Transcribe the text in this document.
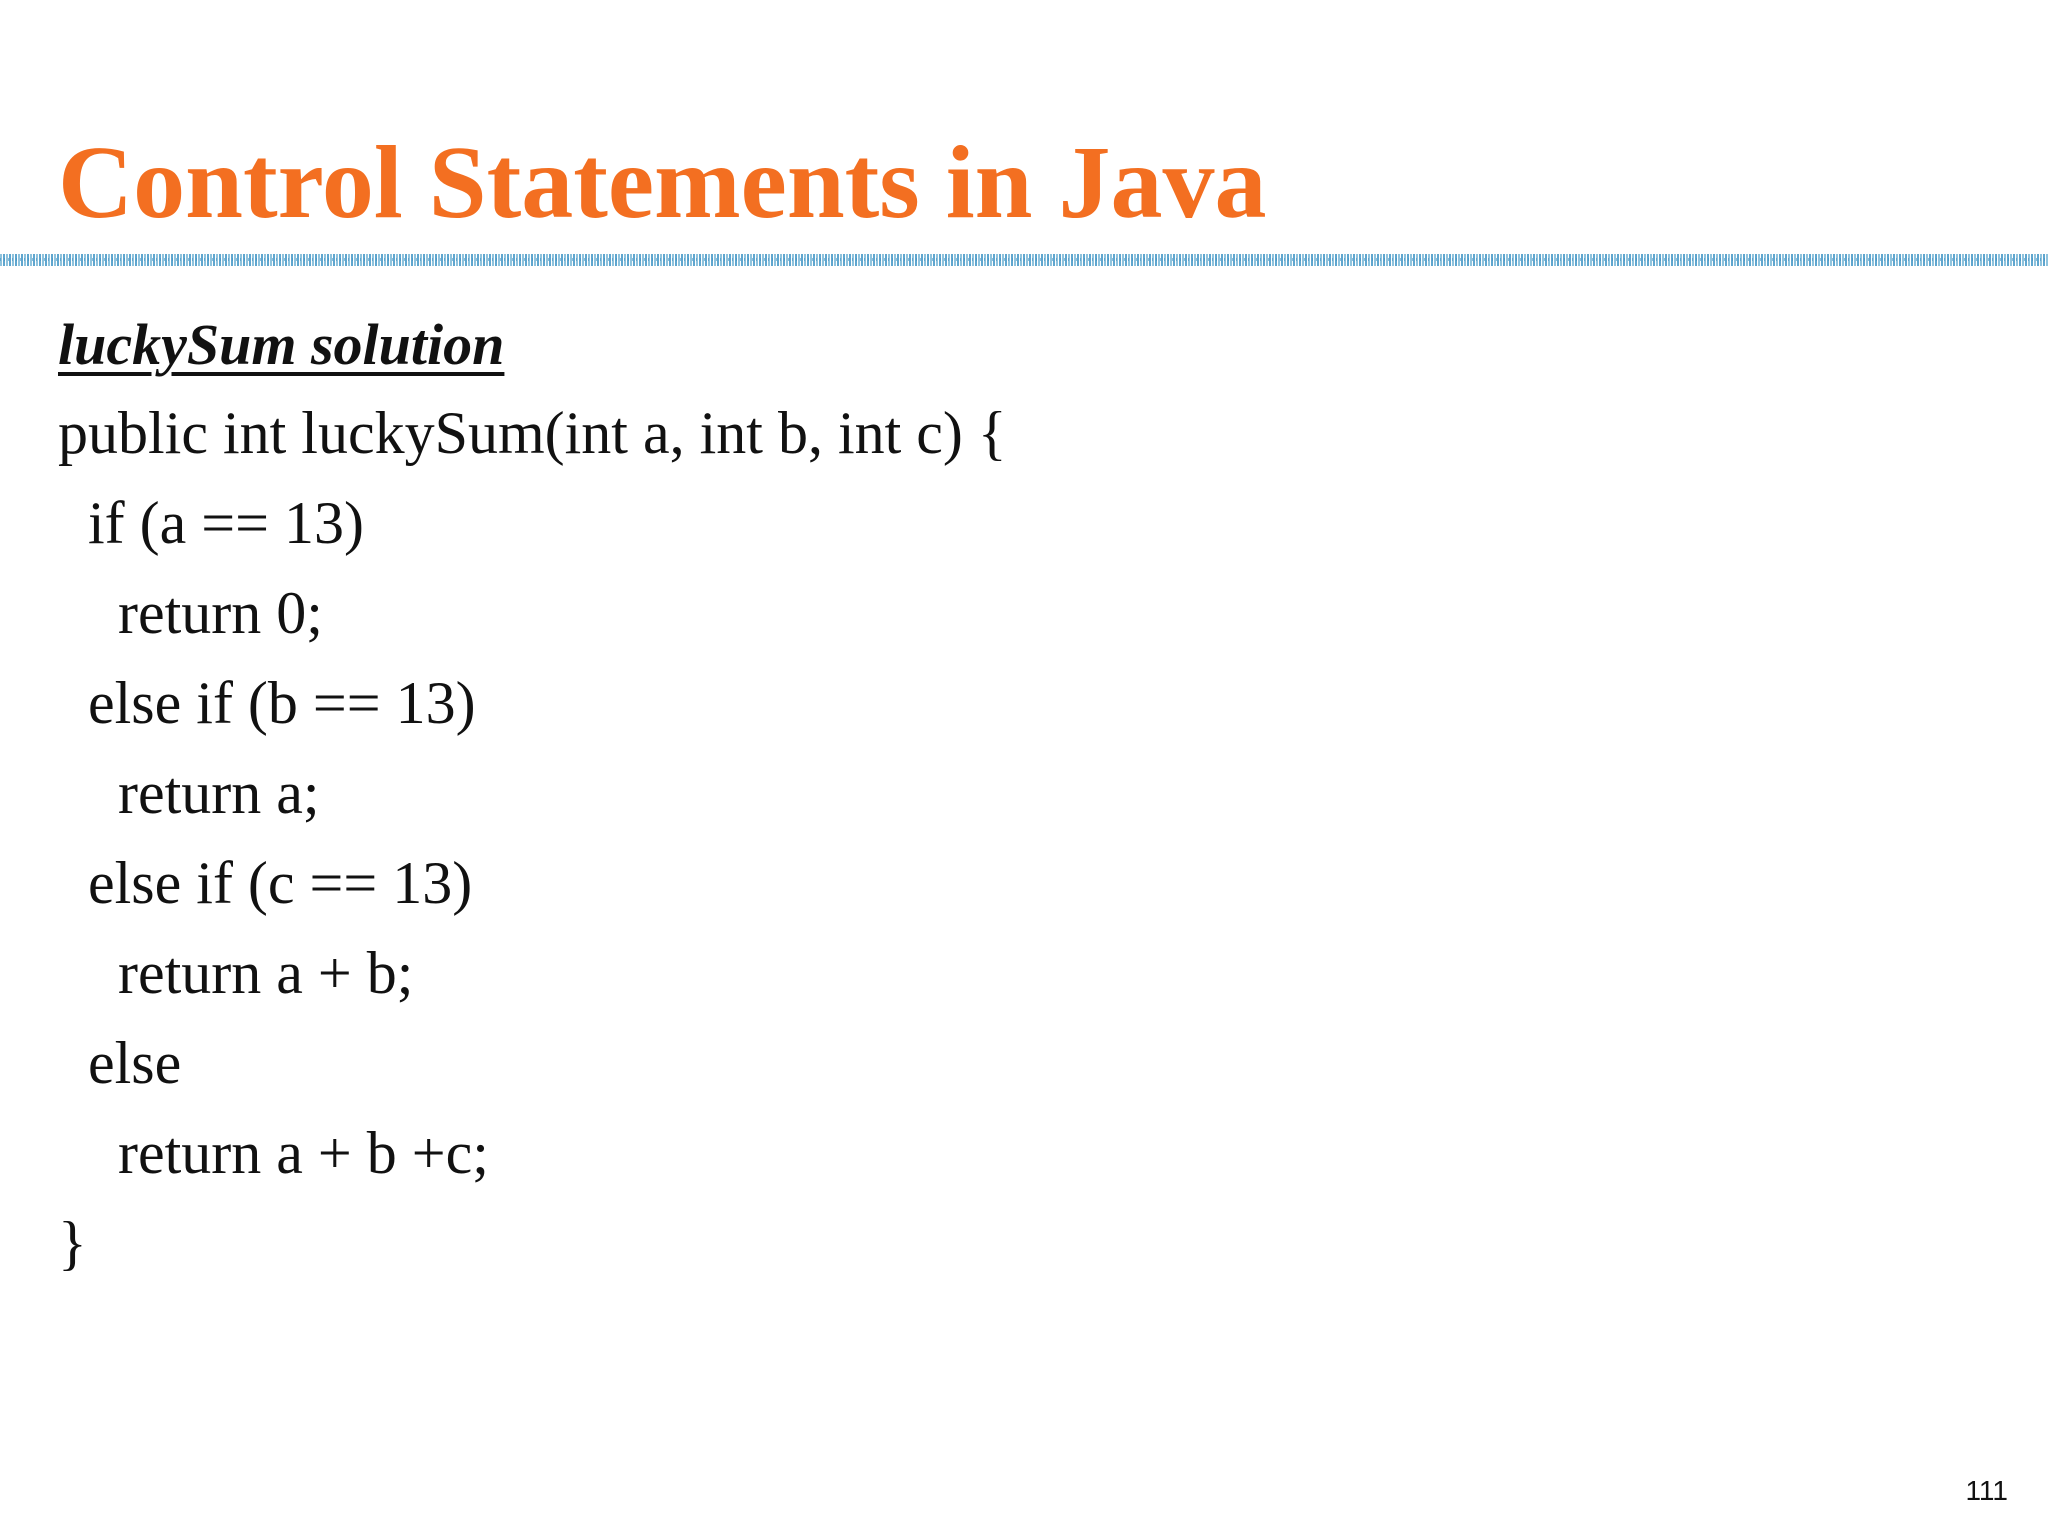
Control Statements in Java
luckySum solution
public int luckySum(int a, int b, int c) {
if (a == 13)
return 0;
else if (b == 13)
return a;
else if (c == 13)
return a + b;
else
return a + b +c;
}
111
